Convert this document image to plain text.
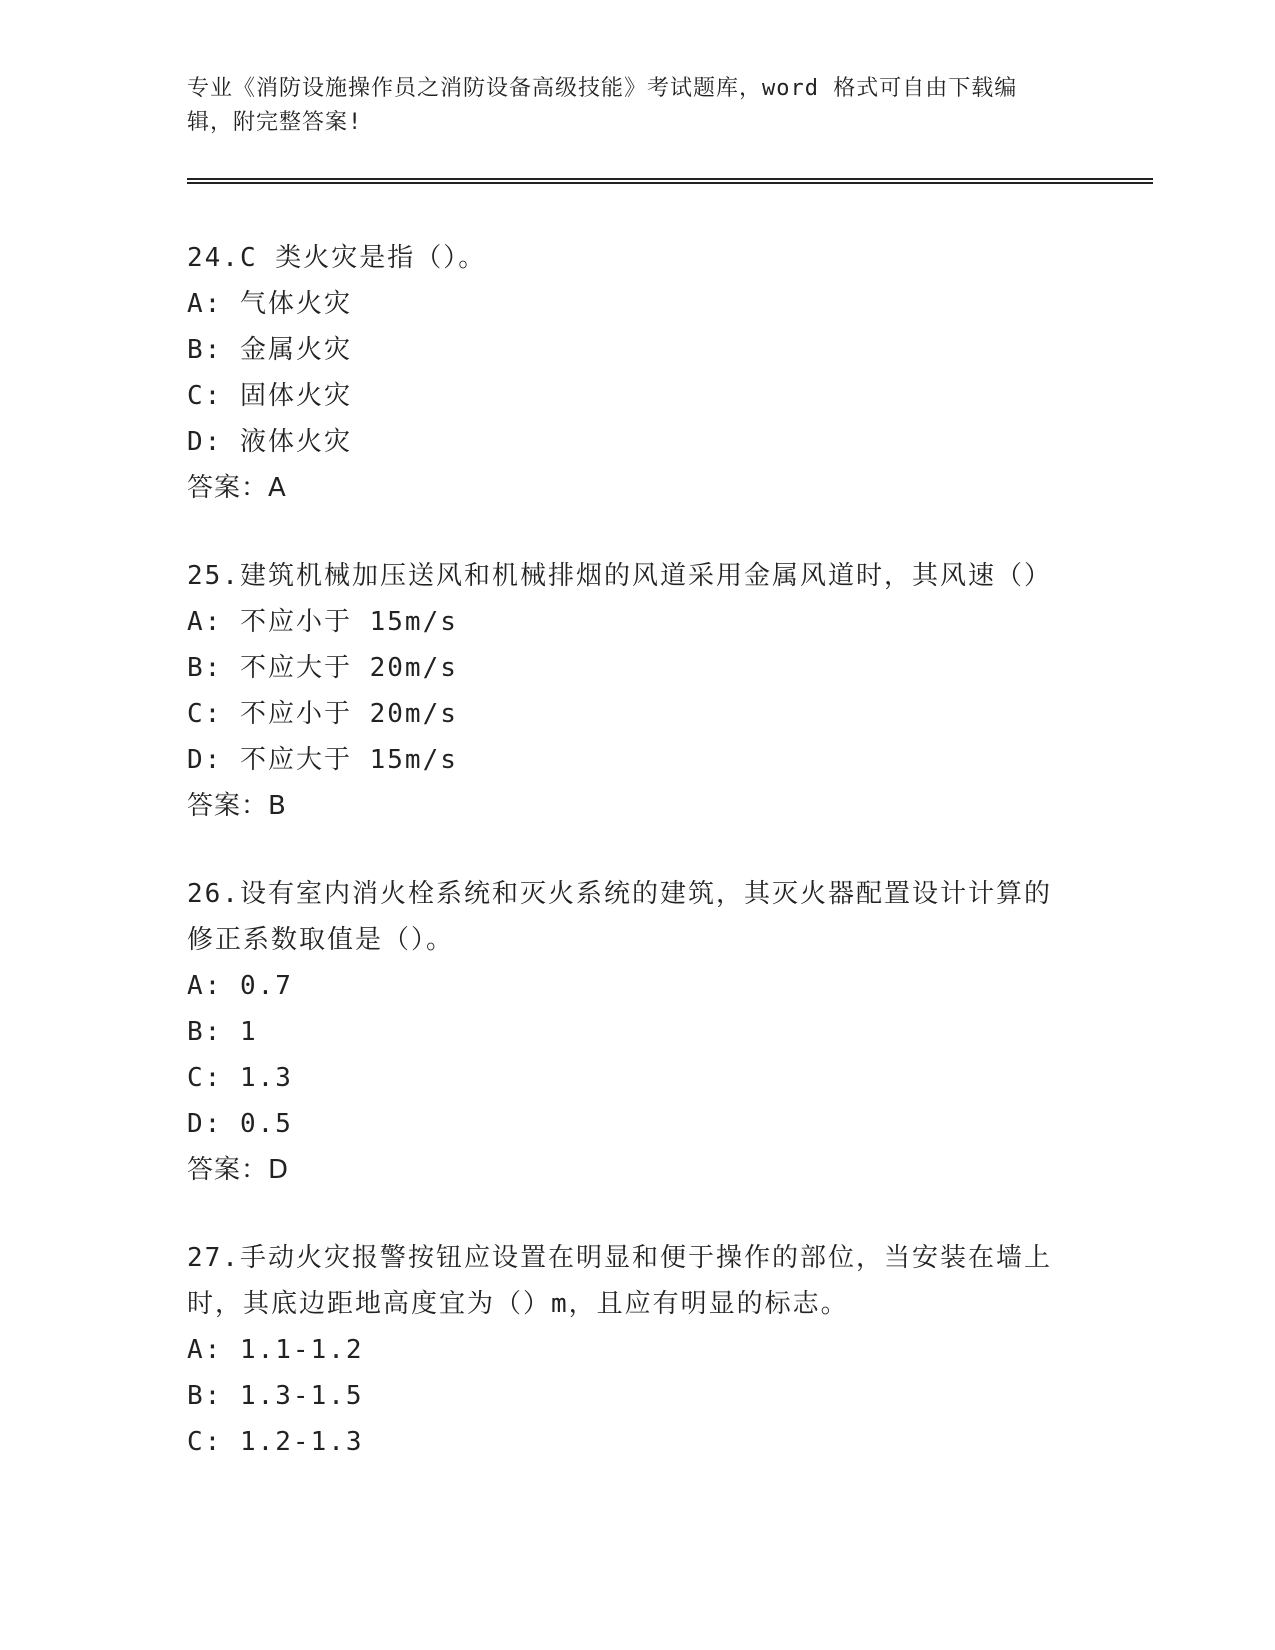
专业《消防设施操作员之消防设备高级技能》考试题库，word 格式可自由下载编
辑，附完整答案!
24.C 类火灾是指（）。
A: 气体火灾
B: 金属火灾
C: 固体火灾
D: 液体火灾
答案：A
25.建筑机械加压送风和机械排烟的风道采用金属风道时，其风速（）
A: 不应小于 15m/s
B: 不应大于 20m/s
C: 不应小于 20m/s
D: 不应大于 15m/s
答案：B
26.设有室内消火栓系统和灭火系统的建筑，其灭火器配置设计计算的
修正系数取值是（）。
A: 0.7
B: 1
C: 1.3
D: 0.5
答案：D
27.手动火灾报警按钮应设置在明显和便于操作的部位，当安装在墙上
时，其底边距地高度宜为（）m，且应有明显的标志。
A: 1.1-1.2
B: 1.3-1.5
C: 1.2-1.3
